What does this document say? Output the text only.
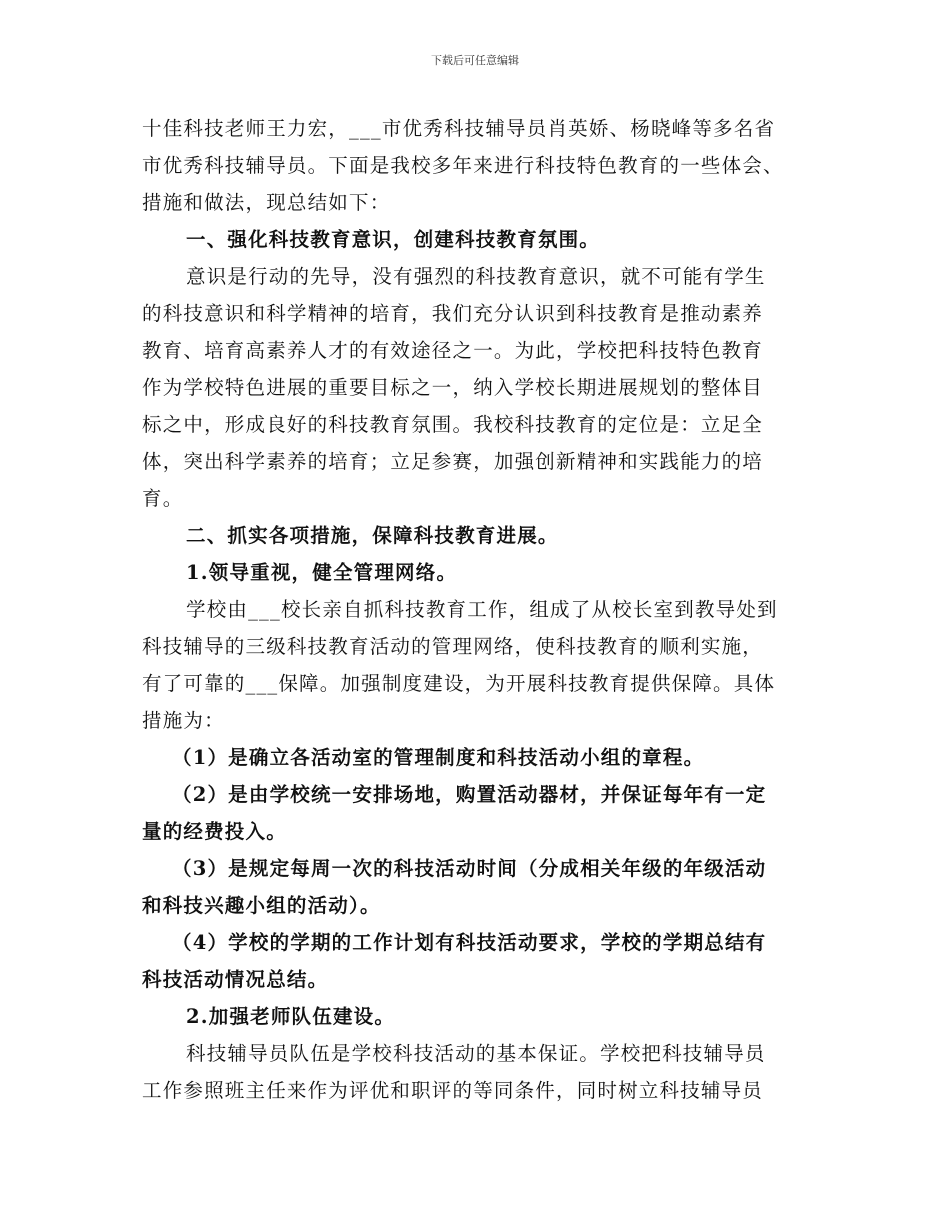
下载后可任意编辑

十佳科技老师王力宏，___市优秀科技辅导员肖英娇、杨晓峰等多名省
市优秀科技辅导员。下面是我校多年来进行科技特色教育的一些体会、
措施和做法，现总结如下：

一、强化科技教育意识，创建科技教育氛围。

意识是行动的先导，没有强烈的科技教育意识，就不可能有学生
的科技意识和科学精神的培育，我们充分认识到科技教育是推动素养
教育、培育高素养人才的有效途径之一。为此，学校把科技特色教育
作为学校特色进展的重要目标之一，纳入学校长期进展规划的整体目
标之中，形成良好的科技教育氛围。我校科技教育的定位是：立足全
体，突出科学素养的培育；立足参赛，加强创新精神和实践能力的培
育。

二、抓实各项措施，保障科技教育进展。

1.领导重视，健全管理网络。

学校由___校长亲自抓科技教育工作，组成了从校长室到教导处到
科技辅导的三级科技教育活动的管理网络，使科技教育的顺利实施，
有了可靠的___保障。加强制度建设，为开展科技教育提供保障。具体
措施为：

（1）是确立各活动室的管理制度和科技活动小组的章程。

（2）是由学校统一安排场地，购置活动器材，并保证每年有一定
量的经费投入。

（3）是规定每周一次的科技活动时间（分成相关年级的年级活动
和科技兴趣小组的活动）。

（4）学校的学期的工作计划有科技活动要求，学校的学期总结有
科技活动情况总结。

2.加强老师队伍建设。

科技辅导员队伍是学校科技活动的基本保证。学校把科技辅导员
工作参照班主任来作为评优和职评的等同条件，同时树立科技辅导员
